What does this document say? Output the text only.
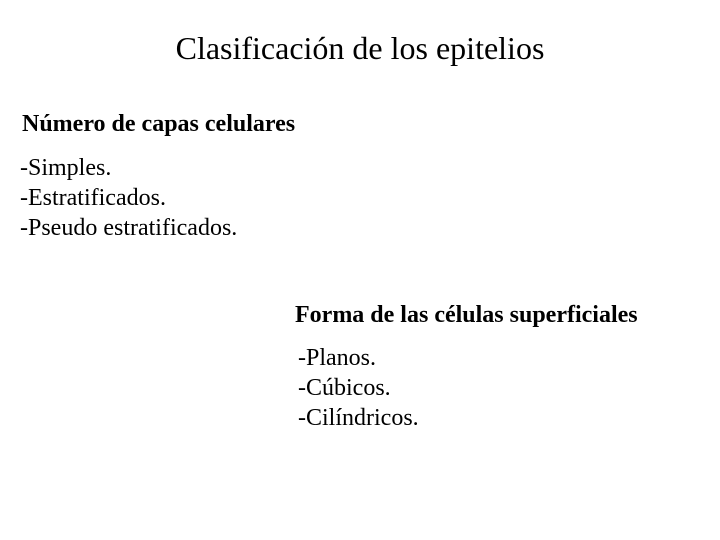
Clasificación de los epitelios
Número de capas celulares
-Simples.
-Estratificados.
-Pseudo estratificados.
Forma de las células superficiales
-Planos.
-Cúbicos.
-Cilíndricos.
